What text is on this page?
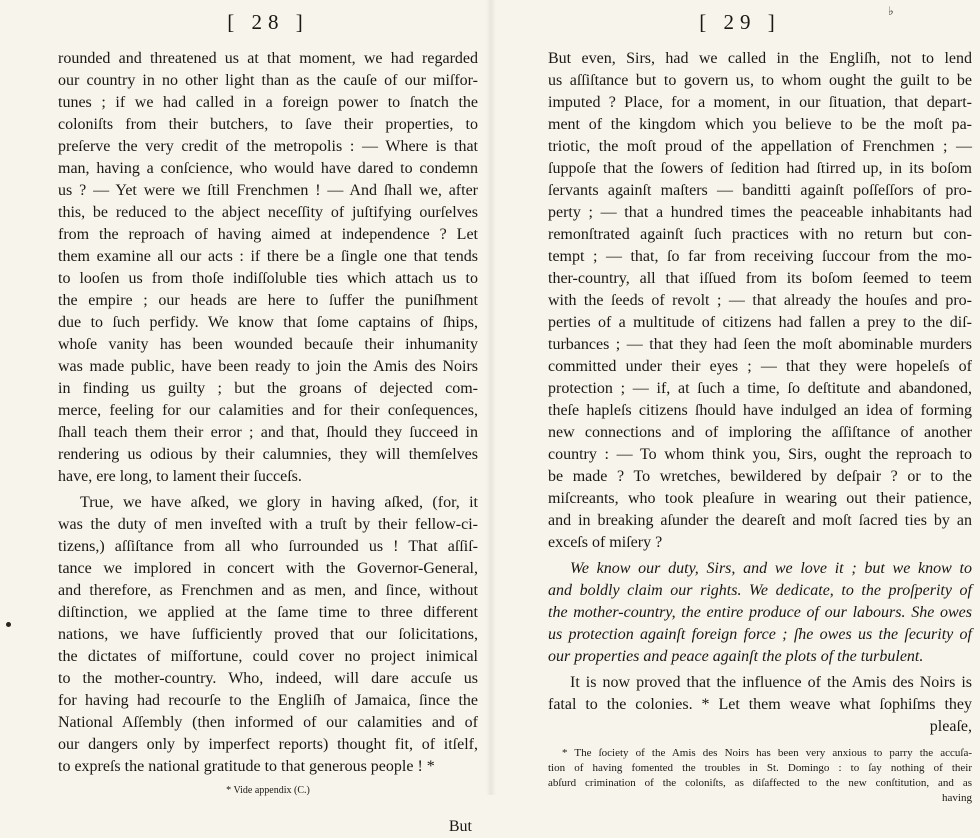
[ 28 ]

rounded and threatened us at that moment, we had regarded

our country in no other light than as the cauſe of our miſfor-

tunes ; if we had called in a foreign power to ſnatch the

coloniſts from their butchers, to ſave their properties, to

preſerve the very credit of the metropolis : — Where is that

man, having a conſcience, who would have dared to condemn

us ? — Yet were we ſtill Frenchmen ! — And ſhall we, after

this, be reduced to the abject neceſſity of juſtifying ourſelves

from the reproach of having aimed at independence ? Let

them examine all our acts : if there be a ſingle one that tends

to looſen us from thoſe indiſſoluble ties which attach us to

the empire ; our heads are here to ſuffer the puniſhment

due to ſuch perfidy. We know that ſome captains of ſhips,

whoſe vanity has been wounded becauſe their inhumanity

was made public, have been ready to join the Amis des Noirs

in finding us guilty ; but the groans of dejected com-

merce, feeling for our calamities and for their conſequences,

ſhall teach them their error ; and that, ſhould they ſucceed in

rendering us odious by their calumnies, they will themſelves

have, ere long, to lament their ſucceſs.

True, we have aſked, we glory in having aſked, (for, it

was the duty of men inveſted with a truſt by their fellow-ci-

tizens,) aſſiſtance from all who ſurrounded us ! That aſſiſ-

tance we implored in concert with the Governor-General,

and therefore, as Frenchmen and as men, and ſince, without

diſtinction, we applied at the ſame time to three different

nations, we have ſufficiently proved that our ſolicitations,

the dictates of miſfortune, could cover no project inimical

to the mother-country. Who, indeed, will dare accuſe us

for having had recourſe to the Engliſh of Jamaica, ſince the

National Aſſembly (then informed of our calamities and of

our dangers only by imperfect reports) thought fit, of itſelf,

to expreſs the national gratitude to that generous people ! *

* Vide appendix (C.)
But
[ 29 ]

But even, Sirs, had we called in the Engliſh, not to lend

us aſſiſtance but to govern us, to whom ought the guilt to be

imputed ? Place, for a moment, in our ſituation, that depart-

ment of the kingdom which you believe to be the moſt pa-

triotic, the moſt proud of the appellation of Frenchmen ; —

ſuppoſe that the ſowers of ſedition had ſtirred up, in its boſom

ſervants againſt maſters — banditti againſt poſſeſſors of pro-

perty ; — that a hundred times the peaceable inhabitants had

remonſtrated againſt ſuch practices with no return but con-

tempt ; — that, ſo far from receiving ſuccour from the mo-

ther-country, all that iſſued from its boſom ſeemed to teem

with the ſeeds of revolt ; — that already the houſes and pro-

perties of a multitude of citizens had fallen a prey to the diſ-

turbances ; — that they had ſeen the moſt abominable murders

committed under their eyes ; — that they were hopeleſs of

protection ; — if, at ſuch a time, ſo deſtitute and abandoned,

theſe hapleſs citizens ſhould have indulged an idea of forming

new connections and of imploring the aſſiſtance of another

country : — To whom think you, Sirs, ought the reproach to

be made ? To wretches, bewildered by deſpair ? or to the

miſcreants, who took pleaſure in wearing out their patience,

and in breaking aſunder the deareſt and moſt ſacred ties by an

exceſs of miſery ?

We know our duty, Sirs, and we love it ; but we know to

and boldly claim our rights. We dedicate, to the proſperity of

the mother-country, the entire produce of our labours. She owes

us protection againſt foreign force ; ſhe owes us the ſecurity of

our properties and peace againſt the plots of the turbulent.

It is now proved that the influence of the Amis des Noirs is

fatal to the colonies. * Let them weave what ſophiſms they

pleaſe,

* The ſociety of the Amis des Noirs has been very anxious to parry the accuſa-
tion of having fomented the troubles in St. Domingo : to ſay nothing of their
abſurd crimination of the coloniſts, as diſaffected to the new conſtitution, and as
having
♭
